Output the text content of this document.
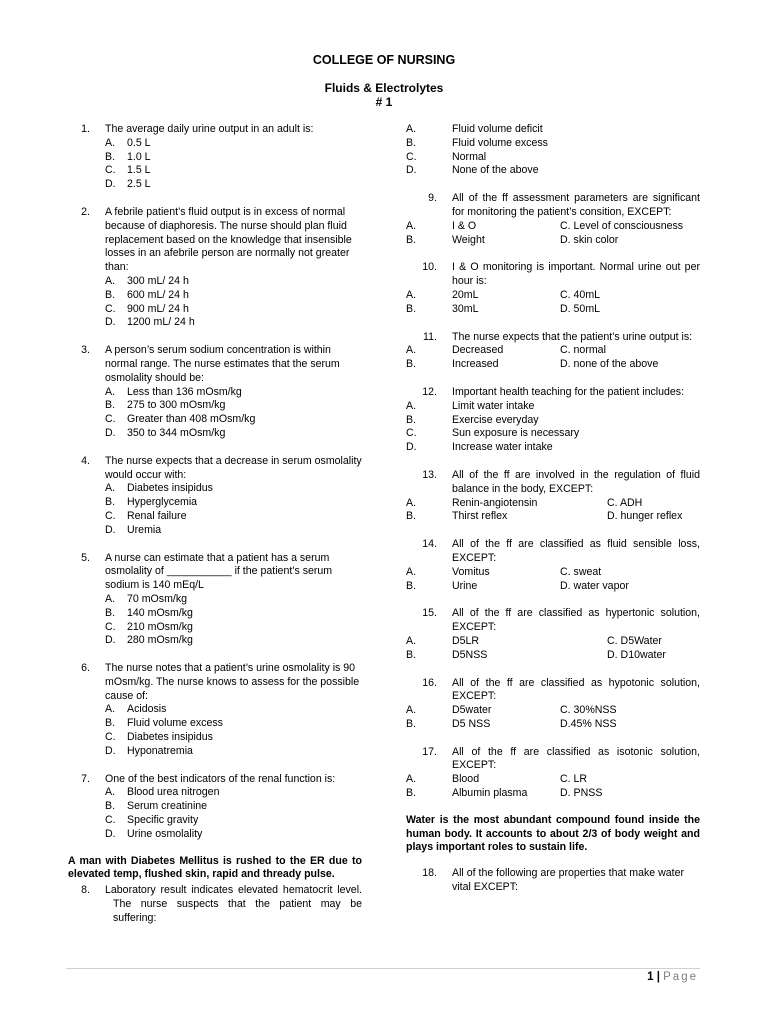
COLLEGE OF NURSING
Fluids & Electrolytes
# 1
1. The average daily urine output in an adult is:
A. 0.5 L
B. 1.0 L
C. 1.5 L
D. 2.5 L
2. A febrile patient’s fluid output is in excess of normal because of diaphoresis. The nurse should plan fluid replacement based on the knowledge that insensible losses in an afebrile person are normally not greater than:
A. 300 mL/ 24 h
B. 600 mL/ 24 h
C. 900 mL/ 24 h
D. 1200 mL/ 24 h
3. A person’s serum sodium concentration is within normal range. The nurse estimates that the serum osmolality should be:
A. Less than 136 mOsm/kg
B. 275 to 300 mOsm/kg
C. Greater than 408 mOsm/kg
D. 350 to 344 mOsm/kg
4. The nurse expects that a decrease in serum osmolality would occur with:
A. Diabetes insipidus
B. Hyperglycemia
C. Renal failure
D. Uremia
5. A nurse can estimate that a patient has a serum osmolality of ___________ if the patient’s serum sodium is 140 mEq/L
A. 70 mOsm/kg
B. 140 mOsm/kg
C. 210 mOsm/kg
D. 280 mOsm/kg
6. The nurse notes that a patient’s urine osmolality is 90 mOsm/kg. The nurse knows to assess for the possible cause of:
A. Acidosis
B. Fluid volume excess
C. Diabetes insipidus
D. Hyponatremia
7. One of the best indicators of the renal function is:
A. Blood urea nitrogen
B. Serum creatinine
C. Specific gravity
D. Urine osmolality
A man with Diabetes Mellitus is rushed to the ER due to elevated temp, flushed skin, rapid and thready pulse.
8. Laboratory result indicates elevated hematocrit level. The nurse suspects that the patient may be suffering:
A.	Fluid volume deficit
B.	Fluid volume excess
C.	Normal
D.	None of the above
9. All of the ff assessment parameters are significant for monitoring the patient’s consition, EXCEPT:
A.	I & O	C. Level of consciousness
B.	Weight	D. skin color
10. I & O monitoring is important. Normal urine out per hour is:
A.	20mL	C. 40mL
B.	30mL	D. 50mL
11. The nurse expects that the patient’s urine output is:
A.	Decreased	C. normal
B.	Increased	D. none of the above
12. Important health teaching for the patient includes:
A.	Limit water intake
B.	Exercise everyday
C.	Sun exposure is necessary
D.	Increase water intake
13. All of the ff are involved in the regulation of fluid balance in the body, EXCEPT:
A.	Renin-angiotensin	C. ADH
B.	Thirst reflex	D. hunger reflex
14. All of the ff are classified as fluid sensible loss, EXCEPT:
A.	Vomitus	C. sweat
B.	Urine	D. water vapor
15. All of the ff are classified as hypertonic solution, EXCEPT:
A.	D5LR	C. D5Water
B.	D5NSS	D. D10water
16. All of the ff are classified as hypotonic solution, EXCEPT:
A.	D5water	C. 30%NSS
B.	D5 NSS	D.45% NSS
17. All of the ff are classified as isotonic solution, EXCEPT:
A.	Blood	C. LR
B.	Albumin plasma	D. PNSS
Water is the most abundant compound found inside the human body. It accounts to about 2/3 of body weight and plays important roles to sustain life.
18. All of the following are properties that make water vital EXCEPT:
1 | Page
